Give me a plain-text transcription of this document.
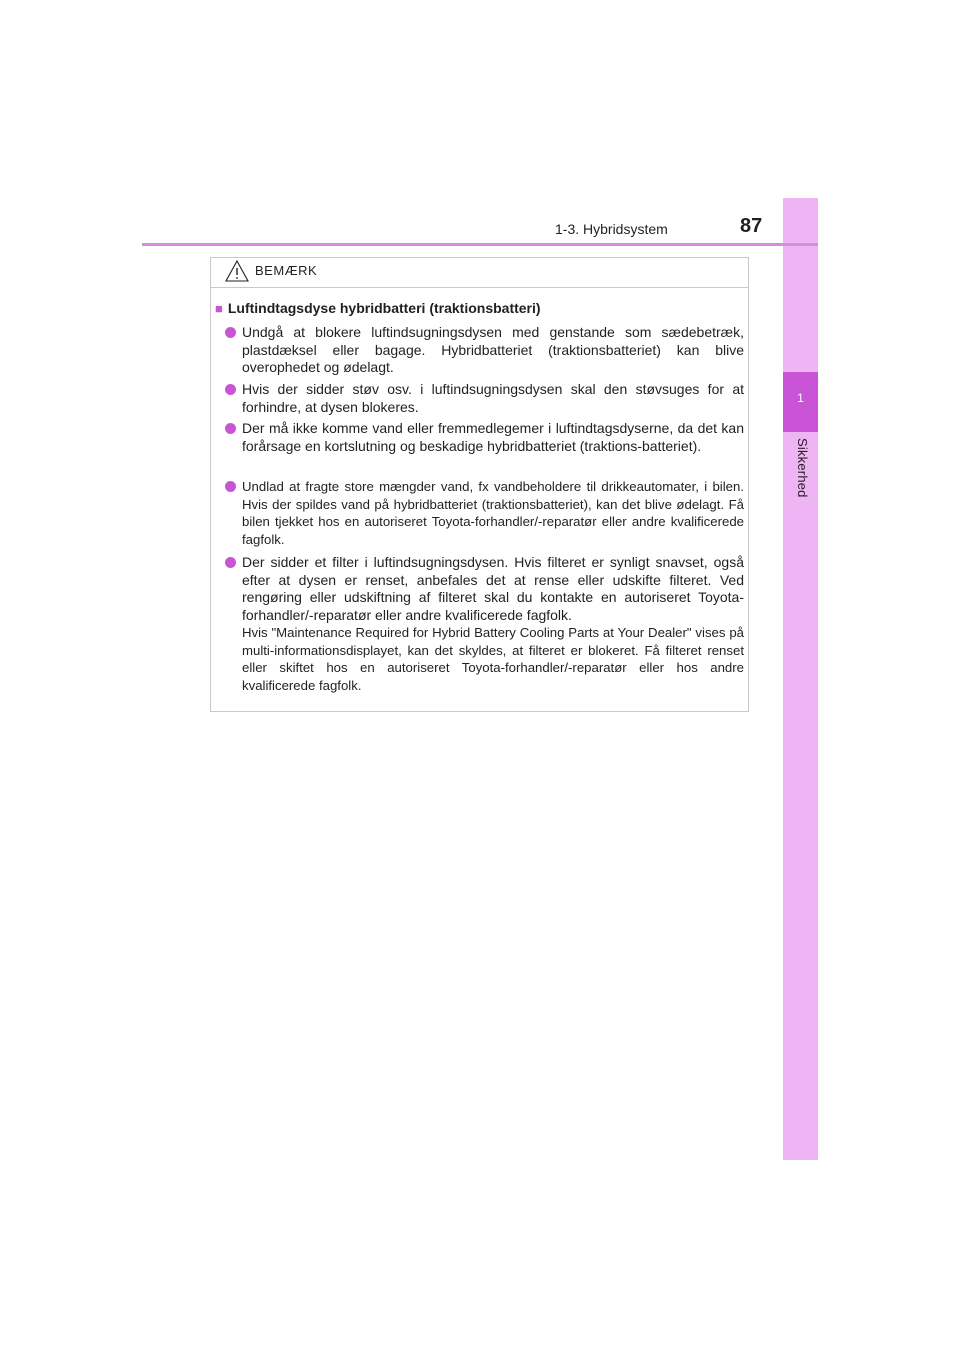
1
Sikkerhed
1-3. Hybridsystem	87
BEMÆRK
■ Luftindtagsdyse hybridbatteri (traktionsbatteri)
Undgå at blokere luftindsugningsdysen med genstande som sædebetræk, plastdæksel eller bagage. Hybridbatteriet (traktionsbatteriet) kan blive overophedet og ødelagt.
Hvis der sidder støv osv. i luftindsugningsdysen skal den støvsuges for at forhindre, at dysen blokeres.
Der må ikke komme vand eller fremmedlegemer i luftindtagsdyserne, da det kan forårsage en kortslutning og beskadige hybridbatteriet (traktions-batteriet).
Undlad at fragte store mængder vand, fx vandbeholdere til drikkeautomater, i bilen. Hvis der spildes vand på hybridbatteriet (traktionsbatteriet), kan det blive ødelagt. Få bilen tjekket hos en autoriseret Toyota-forhandler/-reparatør eller andre kvalificerede fagfolk.
Der sidder et filter i luftindsugningsdysen. Hvis filteret er synligt snavset, også efter at dysen er renset, anbefales det at rense eller udskifte filteret. Ved rengøring eller udskiftning af filteret skal du kontakte en autoriseret Toyota-forhandler/-reparatør eller andre kvalificerede fagfolk.
Hvis "Maintenance Required for Hybrid Battery Cooling Parts at Your Dealer" vises på multi-informationsdisplayet, kan det skyldes, at filteret er blokeret. Få filteret renset eller skiftet hos en autoriseret Toyota-forhandler/-reparatør eller hos andre kvalificerede fagfolk.
